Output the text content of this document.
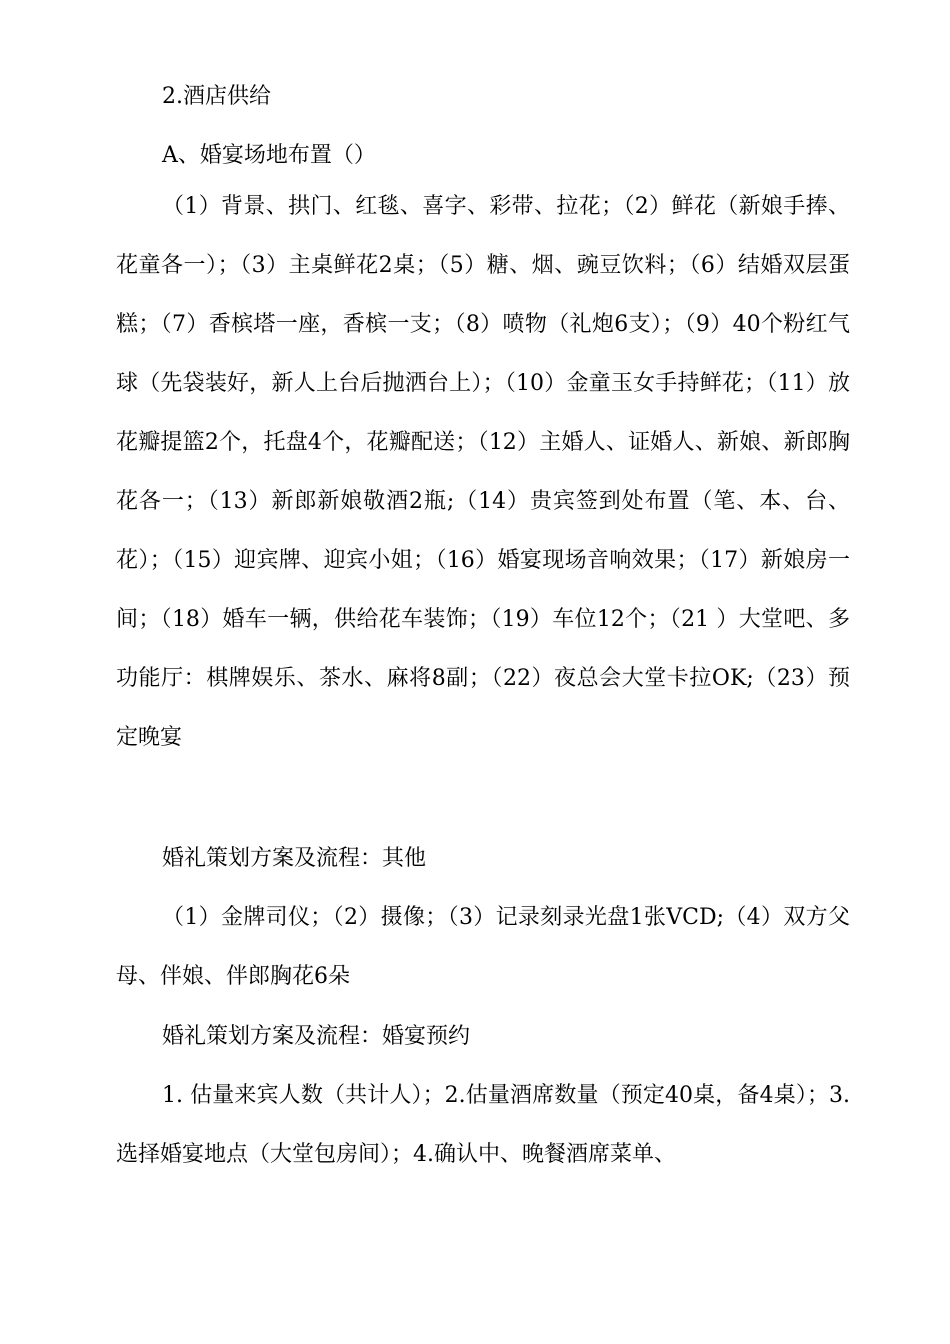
2.酒店供给

A、婚宴场地布置（）

（1）背景、拱门、红毯、喜字、彩带、拉花；（2）鲜花（新娘手捧、花童各一）；（3）主桌鲜花2桌；（5）糖、烟、豌豆饮料；（6）结婚双层蛋糕；（7）香槟塔一座，香槟一支；（8）喷物（礼炮6支）；（9）40个粉红气球（先袋装好，新人上台后抛洒台上）；（10）金童玉女手持鲜花；（11）放花瓣提篮2个，托盘4个，花瓣配送；（12）主婚人、证婚人、新娘、新郎胸花各一；（13）新郎新娘敬酒2瓶;（14）贵宾签到处布置（笔、本、台、花）；（15）迎宾牌、迎宾小姐；（16）婚宴现场音响效果；（17）新娘房一间；（18）婚车一辆，供给花车装饰；（19）车位12个；（21 ）大堂吧、多功能厅：棋牌娱乐、茶水、麻将8副；（22）夜总会大堂卡拉OK;（23）预定晚宴

婚礼策划方案及流程：其他

（1）金牌司仪；（2）摄像；（3）记录刻录光盘1张VCD;（4）双方父母、伴娘、伴郎胸花6朵

婚礼策划方案及流程：婚宴预约

1. 估量来宾人数（共计人）；2.估量酒席数量（预定40桌，备4桌）；3.选择婚宴地点（大堂包房间）；4.确认中、晚餐酒席菜单、
